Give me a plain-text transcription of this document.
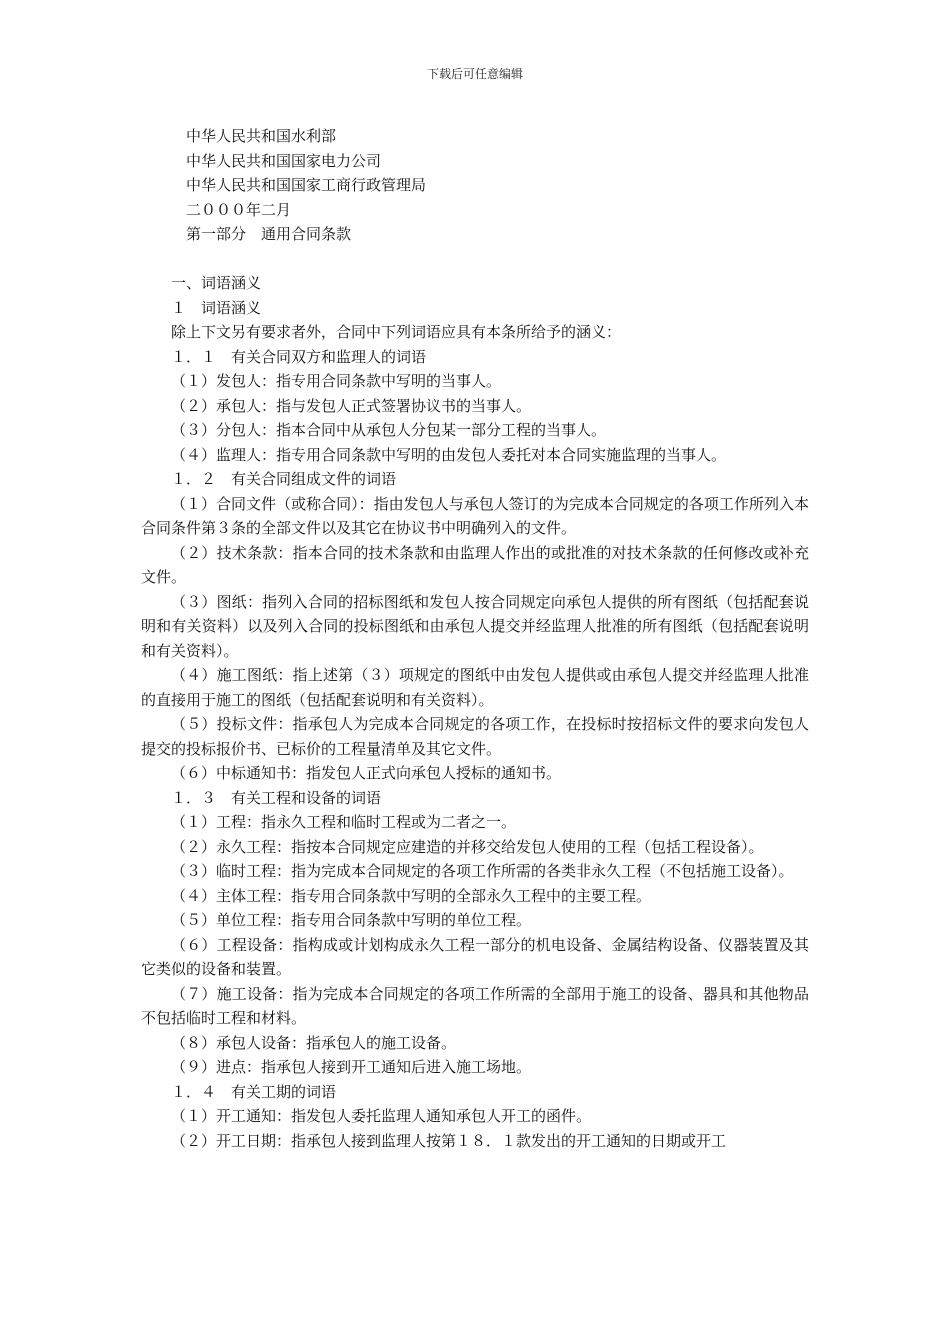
下载后可任意编辑
中华人民共和国水利部
中华人民共和国国家电力公司
中华人民共和国国家工商行政管理局
二０００年二月
第一部分　通用合同条款
一、词语涵义
１　词语涵义
除上下文另有要求者外，合同中下列词语应具有本条所给予的涵义：
１．１　有关合同双方和监理人的词语
（１）发包人：指专用合同条款中写明的当事人。
（２）承包人：指与发包人正式签署协议书的当事人。
（３）分包人：指本合同中从承包人分包某一部分工程的当事人。
（４）监理人：指专用合同条款中写明的由发包人委托对本合同实施监理的当事人。
１．２　有关合同组成文件的词语
（１）合同文件（或称合同）：指由发包人与承包人签订的为完成本合同规定的各项工作所列入本合同条件第３条的全部文件以及其它在协议书中明确列入的文件。
（２）技术条款：指本合同的技术条款和由监理人作出的或批准的对技术条款的任何修改或补充文件。
（３）图纸：指列入合同的招标图纸和发包人按合同规定向承包人提供的所有图纸（包括配套说明和有关资料）以及列入合同的投标图纸和由承包人提交并经监理人批准的所有图纸（包括配套说明和有关资料）。
（４）施工图纸：指上述第（３）项规定的图纸中由发包人提供或由承包人提交并经监理人批准的直接用于施工的图纸（包括配套说明和有关资料）。
（５）投标文件：指承包人为完成本合同规定的各项工作，在投标时按招标文件的要求向发包人提交的投标报价书、已标价的工程量清单及其它文件。
（６）中标通知书：指发包人正式向承包人授标的通知书。
１．３　有关工程和设备的词语
（１）工程：指永久工程和临时工程或为二者之一。
（２）永久工程：指按本合同规定应建造的并移交给发包人使用的工程（包括工程设备）。
（３）临时工程：指为完成本合同规定的各项工作所需的各类非永久工程（不包括施工设备）。
（４）主体工程：指专用合同条款中写明的全部永久工程中的主要工程。
（５）单位工程：指专用合同条款中写明的单位工程。
（６）工程设备：指构成或计划构成永久工程一部分的机电设备、金属结构设备、仪器装置及其它类似的设备和装置。
（７）施工设备：指为完成本合同规定的各项工作所需的全部用于施工的设备、器具和其他物品不包括临时工程和材料。
（８）承包人设备：指承包人的施工设备。
（９）进点：指承包人接到开工通知后进入施工场地。
１．４　有关工期的词语
（１）开工通知：指发包人委托监理人通知承包人开工的函件。
（２）开工日期：指承包人接到监理人按第１８．１款发出的开工通知的日期或开工
